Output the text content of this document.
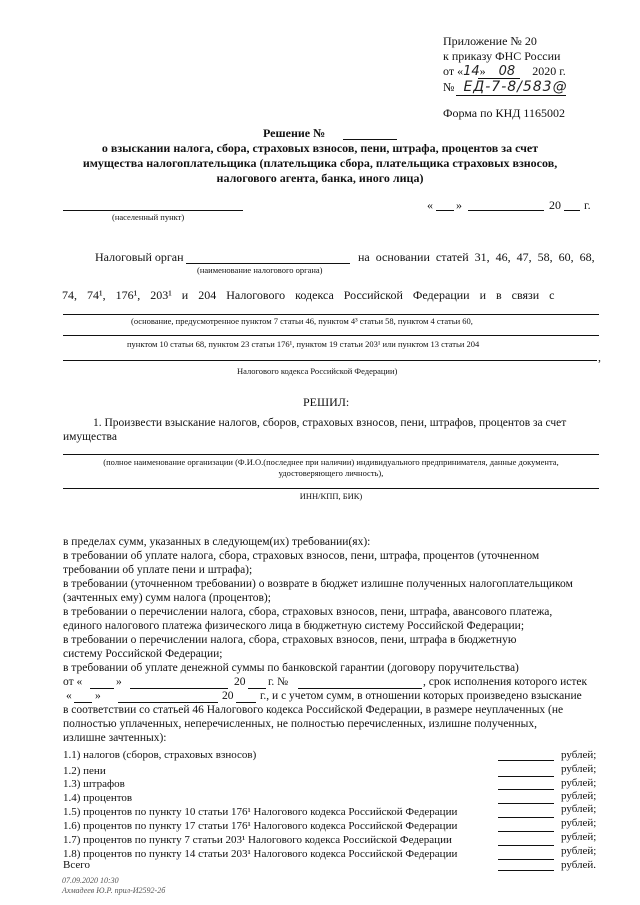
Приложение № 20
к приказу ФНС России
от «14» 08 2020 г.
№ ЕД-7-8/583@
Форма по КНД 1165002
Решение №
о взыскании налога, сбора, страховых взносов, пени, штрафа, процентов за счет
имущества налогоплательщика (плательщика сбора, плательщика страховых взносов,
налогового агента, банка, иного лица)
(населенный пункт)
« »	20 г.
Налоговый орган
(наименование налогового органа)
на основании статей 31, 46, 47, 58, 60, 68,
74, 74¹, 176¹, 203¹ и 204 Налогового кодекса Российской Федерации и в связи с
(основание, предусмотренное пунктом 7 статьи 46, пунктом 4³ статьи 58, пунктом 4 статьи 60,
пунктом 10 статьи 68, пунктом 23 статьи 176¹, пунктом 19 статьи 203¹ или пунктом 13 статьи 204
,
Налогового кодекса Российской Федерации)
РЕШИЛ:
1. Произвести взыскание налогов, сборов, страховых взносов, пени, штрафов, процентов за счет
имущества
(полное наименование организации (Ф.И.О.(последнее при наличии) индивидуального предпринимателя, данные документа,
удостоверяющего личность),
ИНН/КПП, БИК)
в пределах сумм, указанных в следующем(их) требовании(ях):
в требовании об уплате налога, сбора, страховых взносов, пени, штрафа, процентов (уточненном
требовании об уплате пени и штрафа);
в требовании (уточненном требовании) о возврате в бюджет излишне полученных налогоплательщиком
(зачтенных ему) сумм налога (процентов);
в требовании о перечислении налога, сбора, страховых взносов, пени, штрафа, авансового платежа,
единого налогового платежа физического лица в бюджетную систему Российской Федерации;
в требовании о перечислении налога, сбора, страховых взносов, пени, штрафа в бюджетную
систему Российской Федерации;
в требовании об уплате денежной суммы по банковской гарантии (договору поручительства)
от «	»	20 г. №	, срок исполнения которого истек
« »	20 г., и с учетом сумм, в отношении которых произведено взыскание
в соответствии со статьей 46 Налогового кодекса Российской Федерации, в размере неуплаченных (не
полностью уплаченных, неперечисленных, не полностью перечисленных, излишне полученных,
излишне зачтенных):
1.1) налогов (сборов, страховых взносов)	рублей;
1.2) пени	рублей;
1.3) штрафов	рублей;
1.4) процентов	рублей;
1.5) процентов по пункту 10 статьи 176¹ Налогового кодекса Российской Федерации	рублей;
1.6) процентов по пункту 17 статьи 176¹ Налогового кодекса Российской Федерации	рублей;
1.7) процентов по пункту 7 статьи 203¹ Налогового кодекса Российской Федерации	рублей;
1.8) процентов по пункту 14 статьи 203¹ Налогового кодекса Российской Федерации	рублей;
Всего	рублей.
07.09.2020 10:30
Ахмадеев Ю.Р. прил-И2592-2б
